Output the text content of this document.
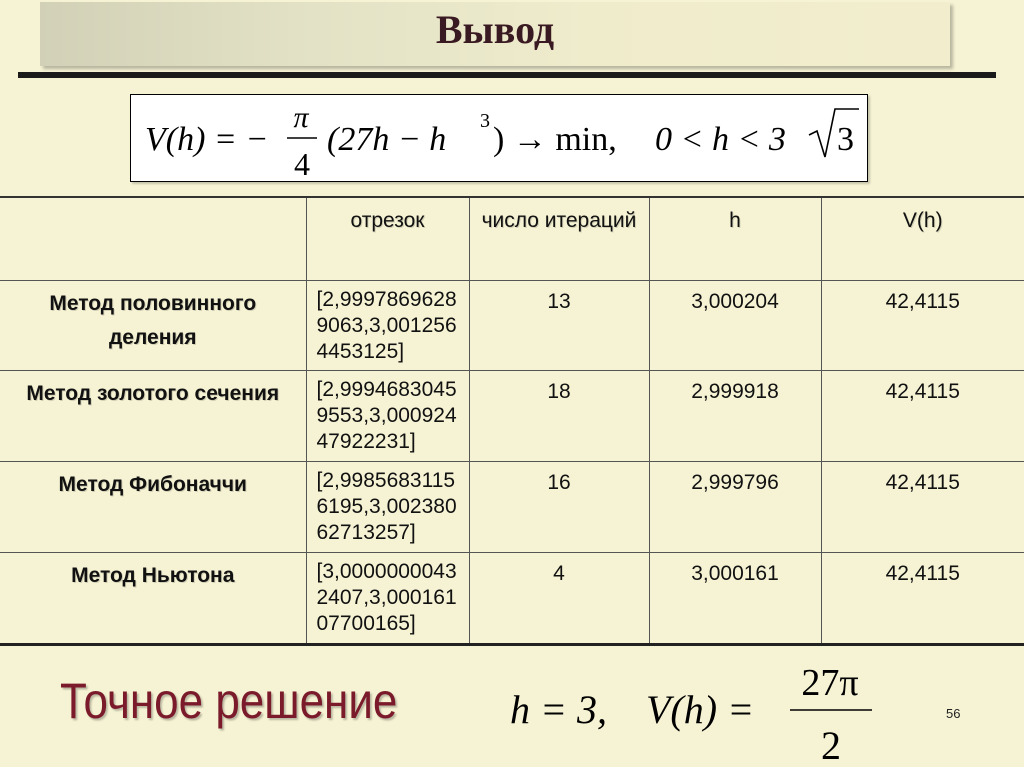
Вывод
V(h) = −
π
4
(27h − h 3 ) → min, 0 < h < 3 3
	отрезок	число итераций	h	V(h)
Метод половинного деления	[2,99978696289063,3,0012564453125]	13	3,000204	42,4115
Метод золотого сечения	[2,99946830459553,3,00092447922231]	18	2,999918	42,4115
Метод Фибоначчи	[2,99856831156195,3,00238062713257]	16	2,999796	42,4115
Метод Ньютона	[3,00000000432407,3,00016107700165]	4	3,000161	42,4115
Точное решение	h = 3, V(h) =
27π
2
56
